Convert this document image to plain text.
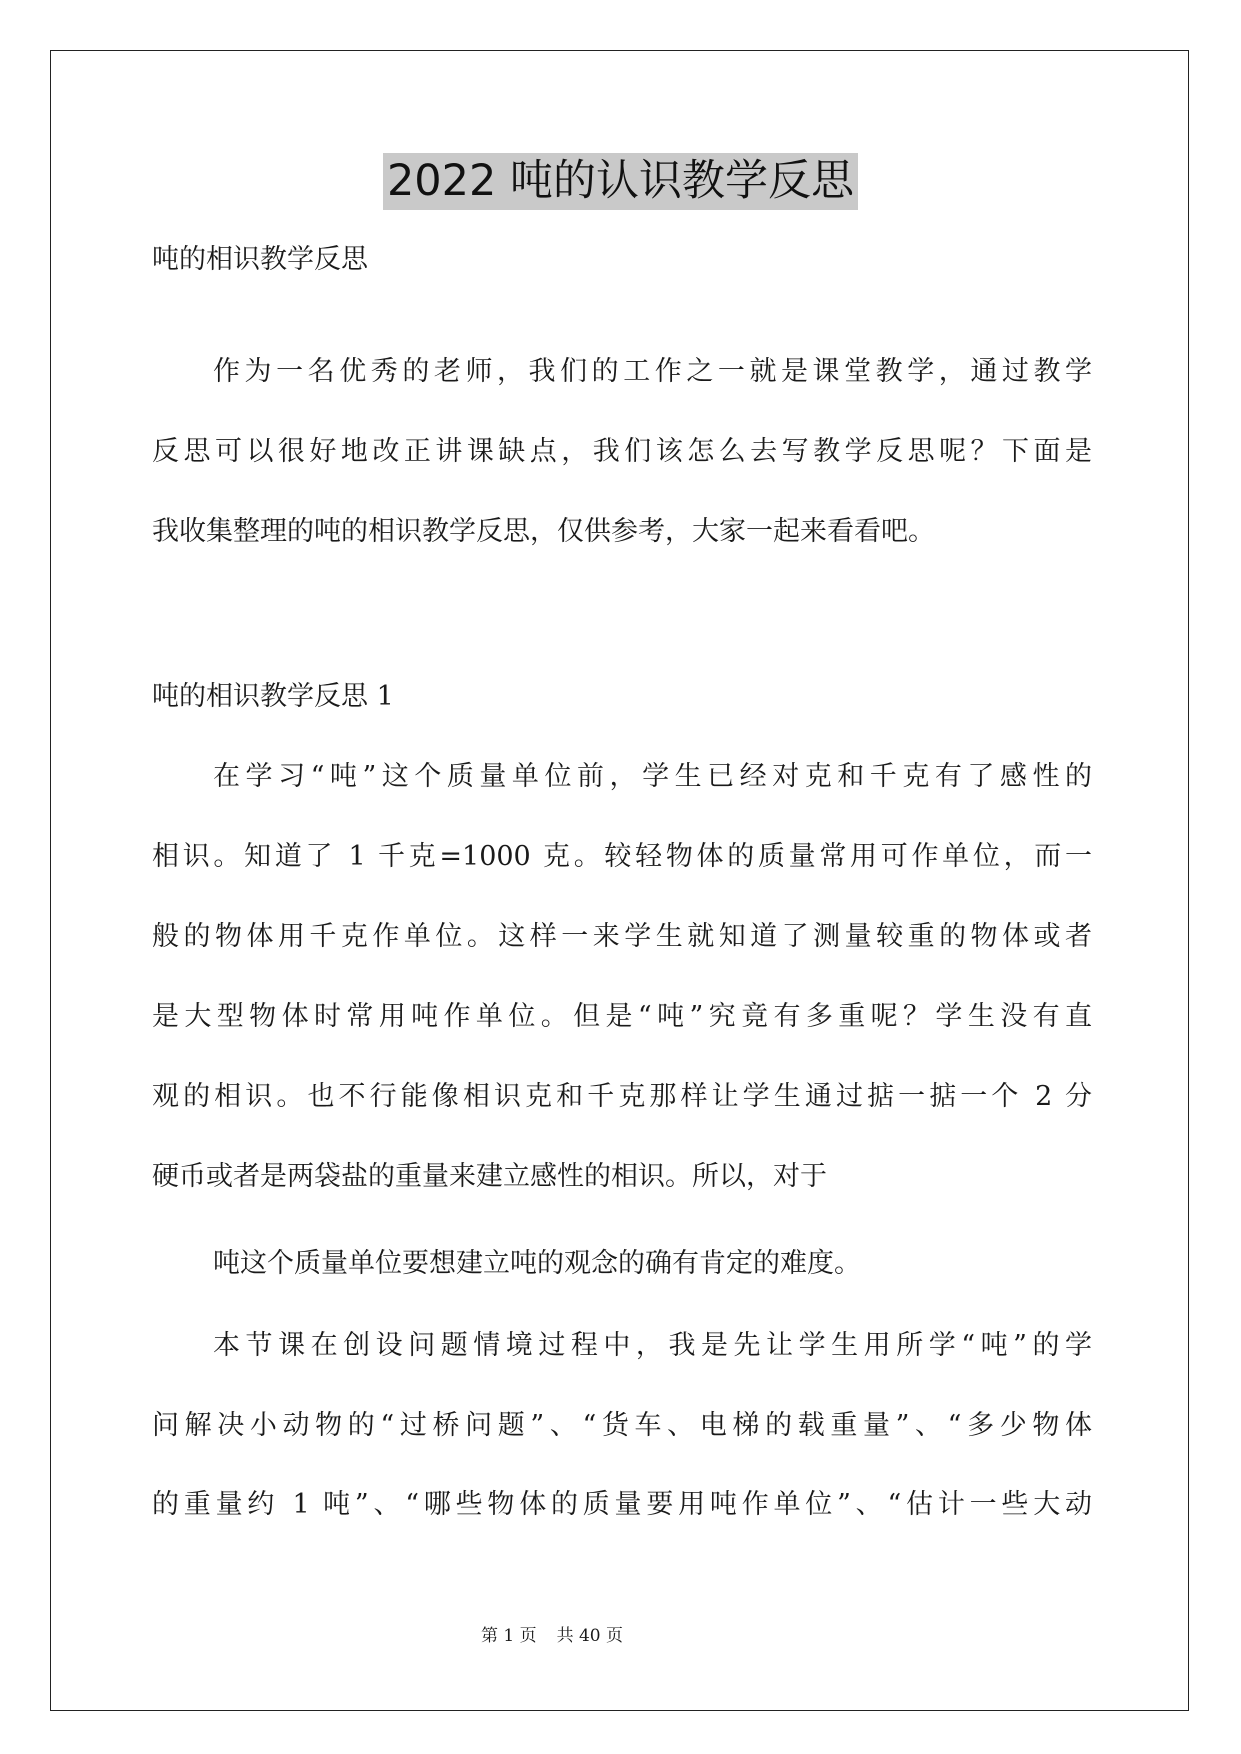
2022 吨的认识教学反思
吨的相识教学反思
作为一名优秀的老师，我们的工作之一就是课堂教学，通过教学
反思可以很好地改正讲课缺点，我们该怎么去写教学反思呢？下面是
我收集整理的吨的相识教学反思，仅供参考，大家一起来看看吧。
吨的相识教学反思 1
在学习“吨”这个质量单位前，学生已经对克和千克有了感性的
相识。知道了 1 千克=1000 克。较轻物体的质量常用可作单位，而一
般的物体用千克作单位。这样一来学生就知道了测量较重的物体或者
是大型物体时常用吨作单位。但是“吨”究竟有多重呢？学生没有直
观的相识。也不行能像相识克和千克那样让学生通过掂一掂一个 2 分
硬币或者是两袋盐的重量来建立感性的相识。所以，对于
吨这个质量单位要想建立吨的观念的确有肯定的难度。
本节课在创设问题情境过程中，我是先让学生用所学“吨”的学
问解决小动物的“过桥问题”、“货车、电梯的载重量”、“多少物体
的重量约 1 吨”、“哪些物体的质量要用吨作单位”、“估计一些大动
第 1 页 共 40 页
